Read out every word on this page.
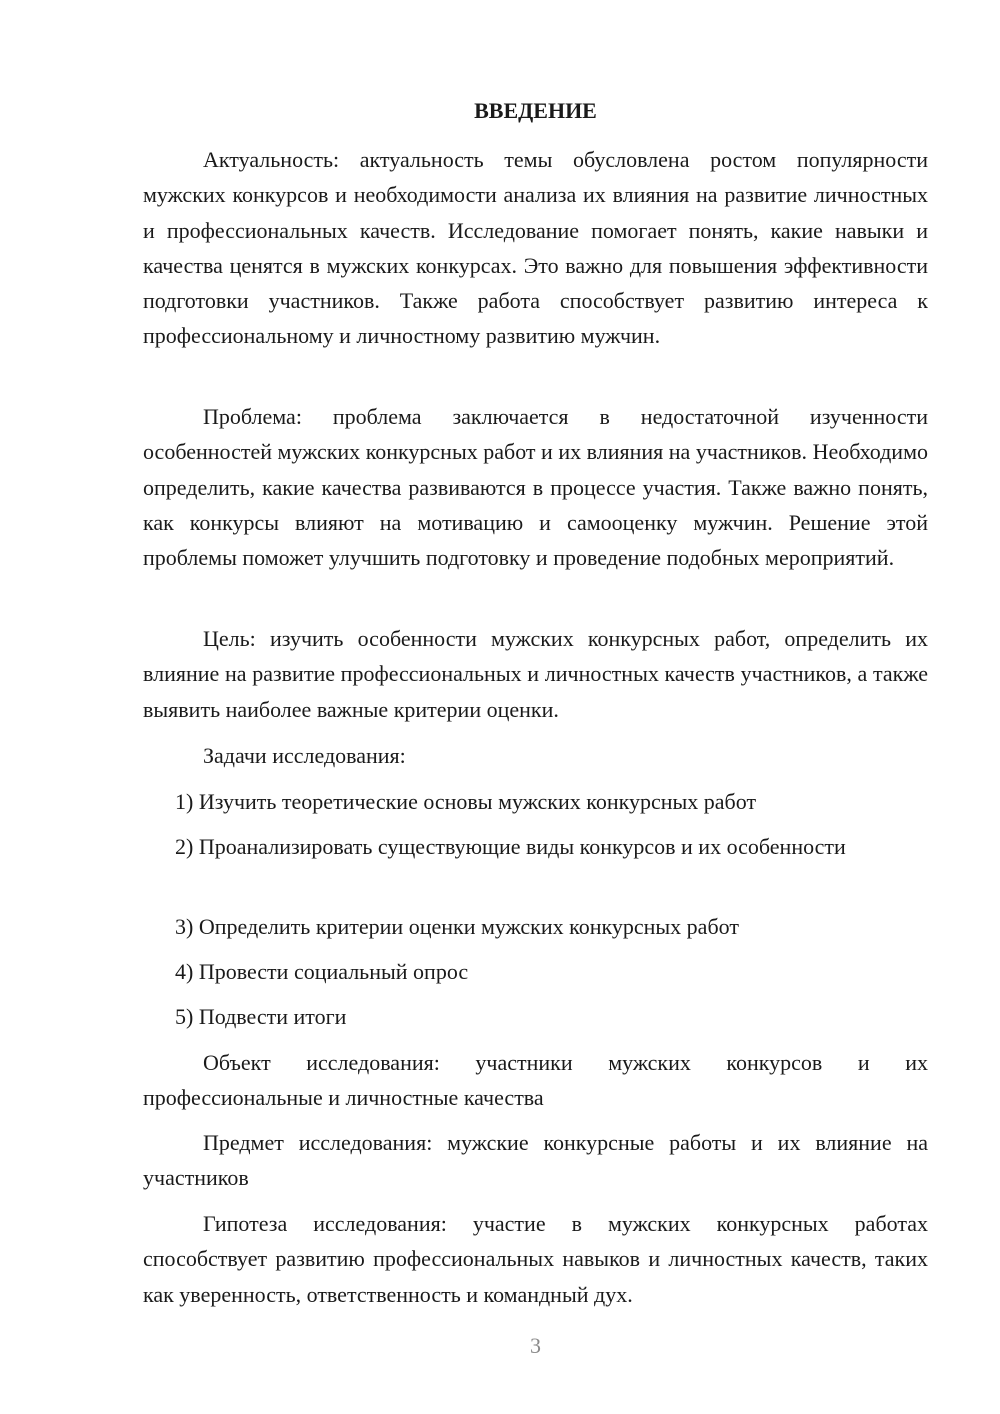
ВВЕДЕНИЕ

Актуальность: актуальность темы обусловлена ростом популярности мужских конкурсов и необходимости анализа их влияния на развитие личностных и профессиональных качеств. Исследование помогает понять, какие навыки и качества ценятся в мужских конкурсах. Это важно для повышения эффективности подготовки участников. Также работа способствует развитию интереса к профессиональному и личностному развитию мужчин.

Проблема: проблема заключается в недостаточной изученности особенностей мужских конкурсных работ и их влияния на участников. Необходимо определить, какие качества развиваются в процессе участия. Также важно понять, как конкурсы влияют на мотивацию и самооценку мужчин. Решение этой проблемы поможет улучшить подготовку и проведение подобных мероприятий.

Цель: изучить особенности мужских конкурсных работ, определить их влияние на развитие профессиональных и личностных качеств участников, а также выявить наиболее важные критерии оценки.

Задачи исследования:

1) Изучить теоретические основы мужских конкурсных работ

2) Проанализировать существующие виды конкурсов и их особенности

3) Определить критерии оценки мужских конкурсных работ

4) Провести социальный опрос

5) Подвести итоги

Объект исследования: участники мужских конкурсов и их профессиональные и личностные качества

Предмет исследования: мужские конкурсные работы и их влияние на участников

Гипотеза исследования: участие в мужских конкурсных работах способствует развитию профессиональных навыков и личностных качеств, таких как уверенность, ответственность и командный дух.

3
